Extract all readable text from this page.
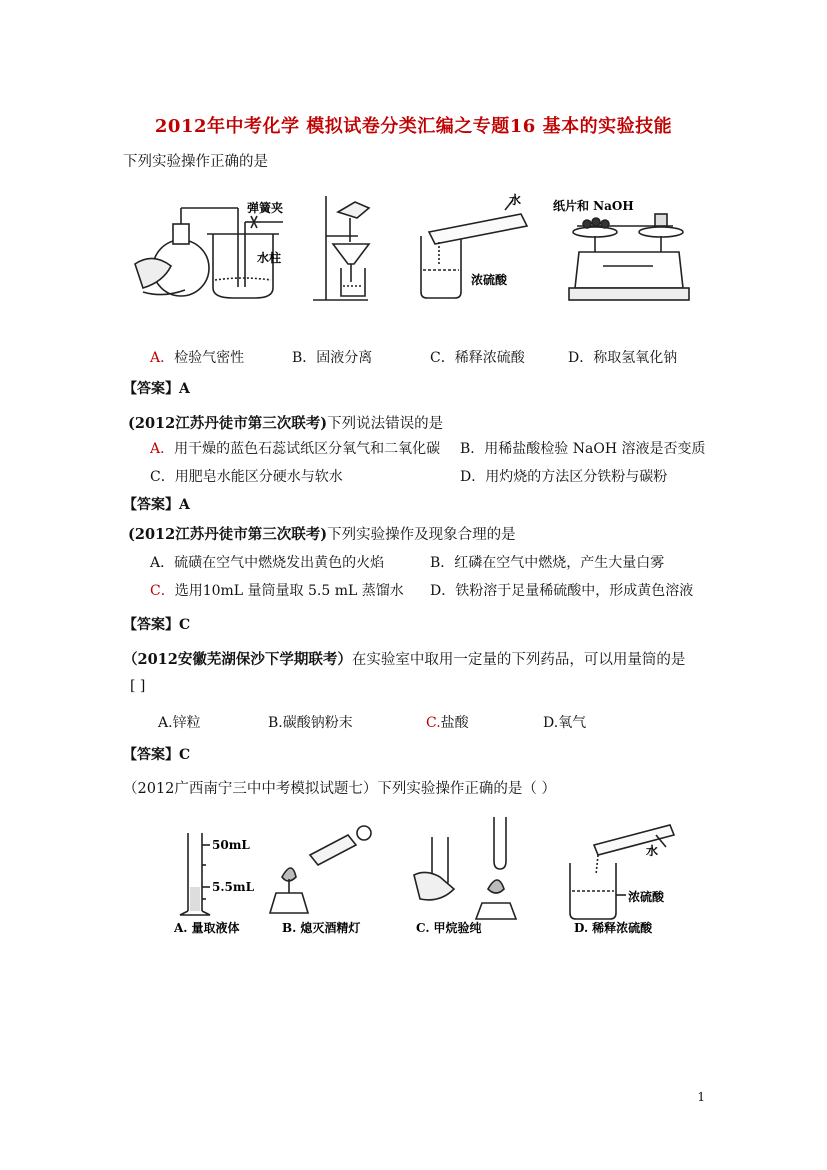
2012年中考化学 模拟试卷分类汇编之专题16 基本的实验技能
下列实验操作正确的是
弹簧夹
水柱
水
浓硫酸
纸片和 NaOH
A．检验气密性	B．固液分离	C．稀释浓硫酸	D．称取氢氧化钠
【答案】A
(2012江苏丹徒市第三次联考)下列说法错误的是
A．用干燥的蓝色石蕊试纸区分氧气和二氧化碳 B．用稀盐酸检验 NaOH 溶液是否变质
C．用肥皂水能区分硬水与软水	D．用灼烧的方法区分铁粉与碳粉
【答案】A
(2012江苏丹徒市第三次联考)下列实验操作及现象合理的是
A．硫磺在空气中燃烧发出黄色的火焰	B．红磷在空气中燃烧，产生大量白雾
C．选用10mL 量筒量取 5.5 mL 蒸馏水 D．铁粉溶于足量稀硫酸中，形成黄色溶液
【答案】C
（2012安徽芜湖保沙下学期联考）在实验室中取用一定量的下列药品，可以用量筒的是
[ ]
A.锌粒	B.碳酸钠粉末	C.盐酸	D.氧气
【答案】C
（2012广西南宁三中中考模拟试题七）下列实验操作正确的是（ ）
50mL
5.5mL
水
浓硫酸
A. 量取液体	B. 熄灭酒精灯	C. 甲烷验纯	D. 稀释浓硫酸
1
